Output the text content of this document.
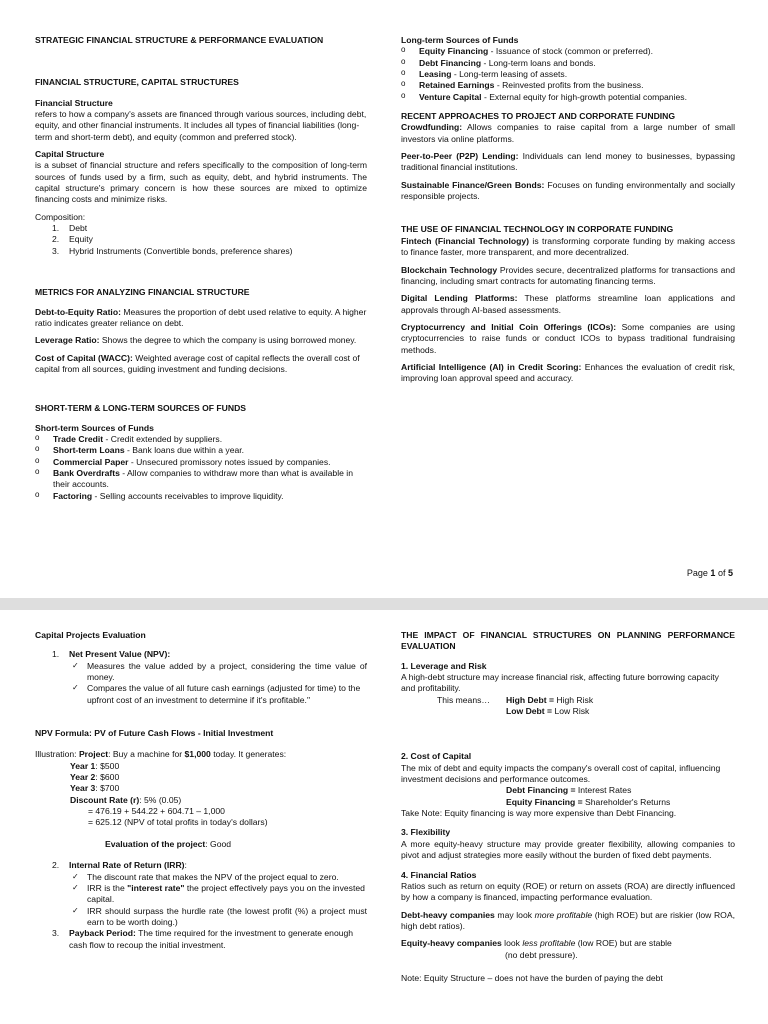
STRATEGIC FINANCIAL STRUCTURE & PERFORMANCE EVALUATION

FINANCIAL STRUCTURE, CAPITAL STRUCTURES

Financial Structure

refers to how a company's assets are financed through various sources, including debt, equity, and other financial instruments. It includes all types of financial liabilities (long-term and short-term debt), and equity (common and preferred stock).

Capital Structure

is a subset of financial structure and refers specifically to the composition of long-term sources of funds used by a firm, such as equity, debt, and hybrid instruments. The capital structure's primary concern is how these sources are mixed to optimize financing costs and minimize risks.

Composition:

1. Debt
2. Equity
3. Hybrid Instruments (Convertible bonds, preference shares)

METRICS FOR ANALYZING FINANCIAL STRUCTURE

Debt-to-Equity Ratio: Measures the proportion of debt used relative to equity. A higher ratio indicates greater reliance on debt.

Leverage Ratio: Shows the degree to which the company is using borrowed money.

Cost of Capital (WACC): Weighted average cost of capital reflects the overall cost of capital from all sources, guiding investment and funding decisions.

SHORT-TERM & LONG-TERM SOURCES OF FUNDS

Short-term Sources of Funds

o Trade Credit - Credit extended by suppliers.
o Short-term Loans - Bank loans due within a year.
o Commercial Paper - Unsecured promissory notes issued by companies.
o Bank Overdrafts - Allow companies to withdraw more than what is available in their accounts.
o Factoring - Selling accounts receivables to improve liquidity.

Long-term Sources of Funds

o Equity Financing - Issuance of stock (common or preferred).
o Debt Financing - Long-term loans and bonds.
o Leasing - Long-term leasing of assets.
o Retained Earnings - Reinvested profits from the business.
o Venture Capital - External equity for high-growth potential companies.

RECENT APPROACHES TO PROJECT AND CORPORATE FUNDING

Crowdfunding: Allows companies to raise capital from a large number of small investors via online platforms.

Peer-to-Peer (P2P) Lending: Individuals can lend money to businesses, bypassing traditional financial institutions.

Sustainable Finance/Green Bonds: Focuses on funding environmentally and socially responsible projects.

THE USE OF FINANCIAL TECHNOLOGY IN CORPORATE FUNDING

Fintech (Financial Technology) is transforming corporate funding by making access to finance faster, more transparent, and more decentralized.

Blockchain Technology Provides secure, decentralized platforms for transactions and financing, including smart contracts for automating financing terms.

Digital Lending Platforms: These platforms streamline loan applications and approvals through AI-based assessments.

Cryptocurrency and Initial Coin Offerings (ICOs): Some companies are using cryptocurrencies to raise funds or conduct ICOs to bypass traditional fundraising methods.

Artificial Intelligence (AI) in Credit Scoring: Enhances the evaluation of credit risk, improving loan approval speed and accuracy.

Page 1 of 5

Capital Projects Evaluation

1. Net Present Value (NPV):
✓ Measures the value added by a project, considering the time value of money.
✓ Compares the value of all future cash earnings (adjusted for time) to the upfront cost of an investment to determine if it's profitable."

NPV Formula: PV of Future Cash Flows - Initial Investment

Illustration: Project: Buy a machine for $1,000 today. It generates:

Year 1: $500

Year 2: $600

Year 3: $700

Discount Rate (r): 5% (0.05)

= 476.19 + 544.22 + 604.71 – 1,000

= 625.12 (NPV of total profits in today's dollars)

Evaluation of the project: Good

2. Internal Rate of Return (IRR):
✓ The discount rate that makes the NPV of the project equal to zero.
✓ IRR is the "interest rate" the project effectively pays you on the invested capital.
✓ IRR should surpass the hurdle rate (the lowest profit (%) a project must earn to be worth doing.)
3. Payback Period: The time required for the investment to generate enough cash flow to recoup the initial investment.

THE IMPACT OF FINANCIAL STRUCTURES ON PLANNING PERFORMANCE EVALUATION

1. Leverage and Risk

A high-debt structure may increase financial risk, affecting future borrowing capacity and profitability.

This means… High Debt = High Risk

Low Debt = Low Risk

2. Cost of Capital

The mix of debt and equity impacts the company's overall cost of capital, influencing investment decisions and performance outcomes.

Debt Financing = Interest Rates

Equity Financing = Shareholder's Returns

Take Note: Equity financing is way more expensive than Debt Financing.

3. Flexibility

A more equity-heavy structure may provide greater flexibility, allowing companies to pivot and adjust strategies more easily without the burden of fixed debt payments.

4. Financial Ratios

Ratios such as return on equity (ROE) or return on assets (ROA) are directly influenced by how a company is financed, impacting performance evaluation.

Debt-heavy companies may look more profitable (high ROE) but are riskier (low ROA, high debt ratios).

Equity-heavy companies look less profitable (low ROE) but are stable

(no debt pressure).

Note: Equity Structure – does not have the burden of paying the debt
